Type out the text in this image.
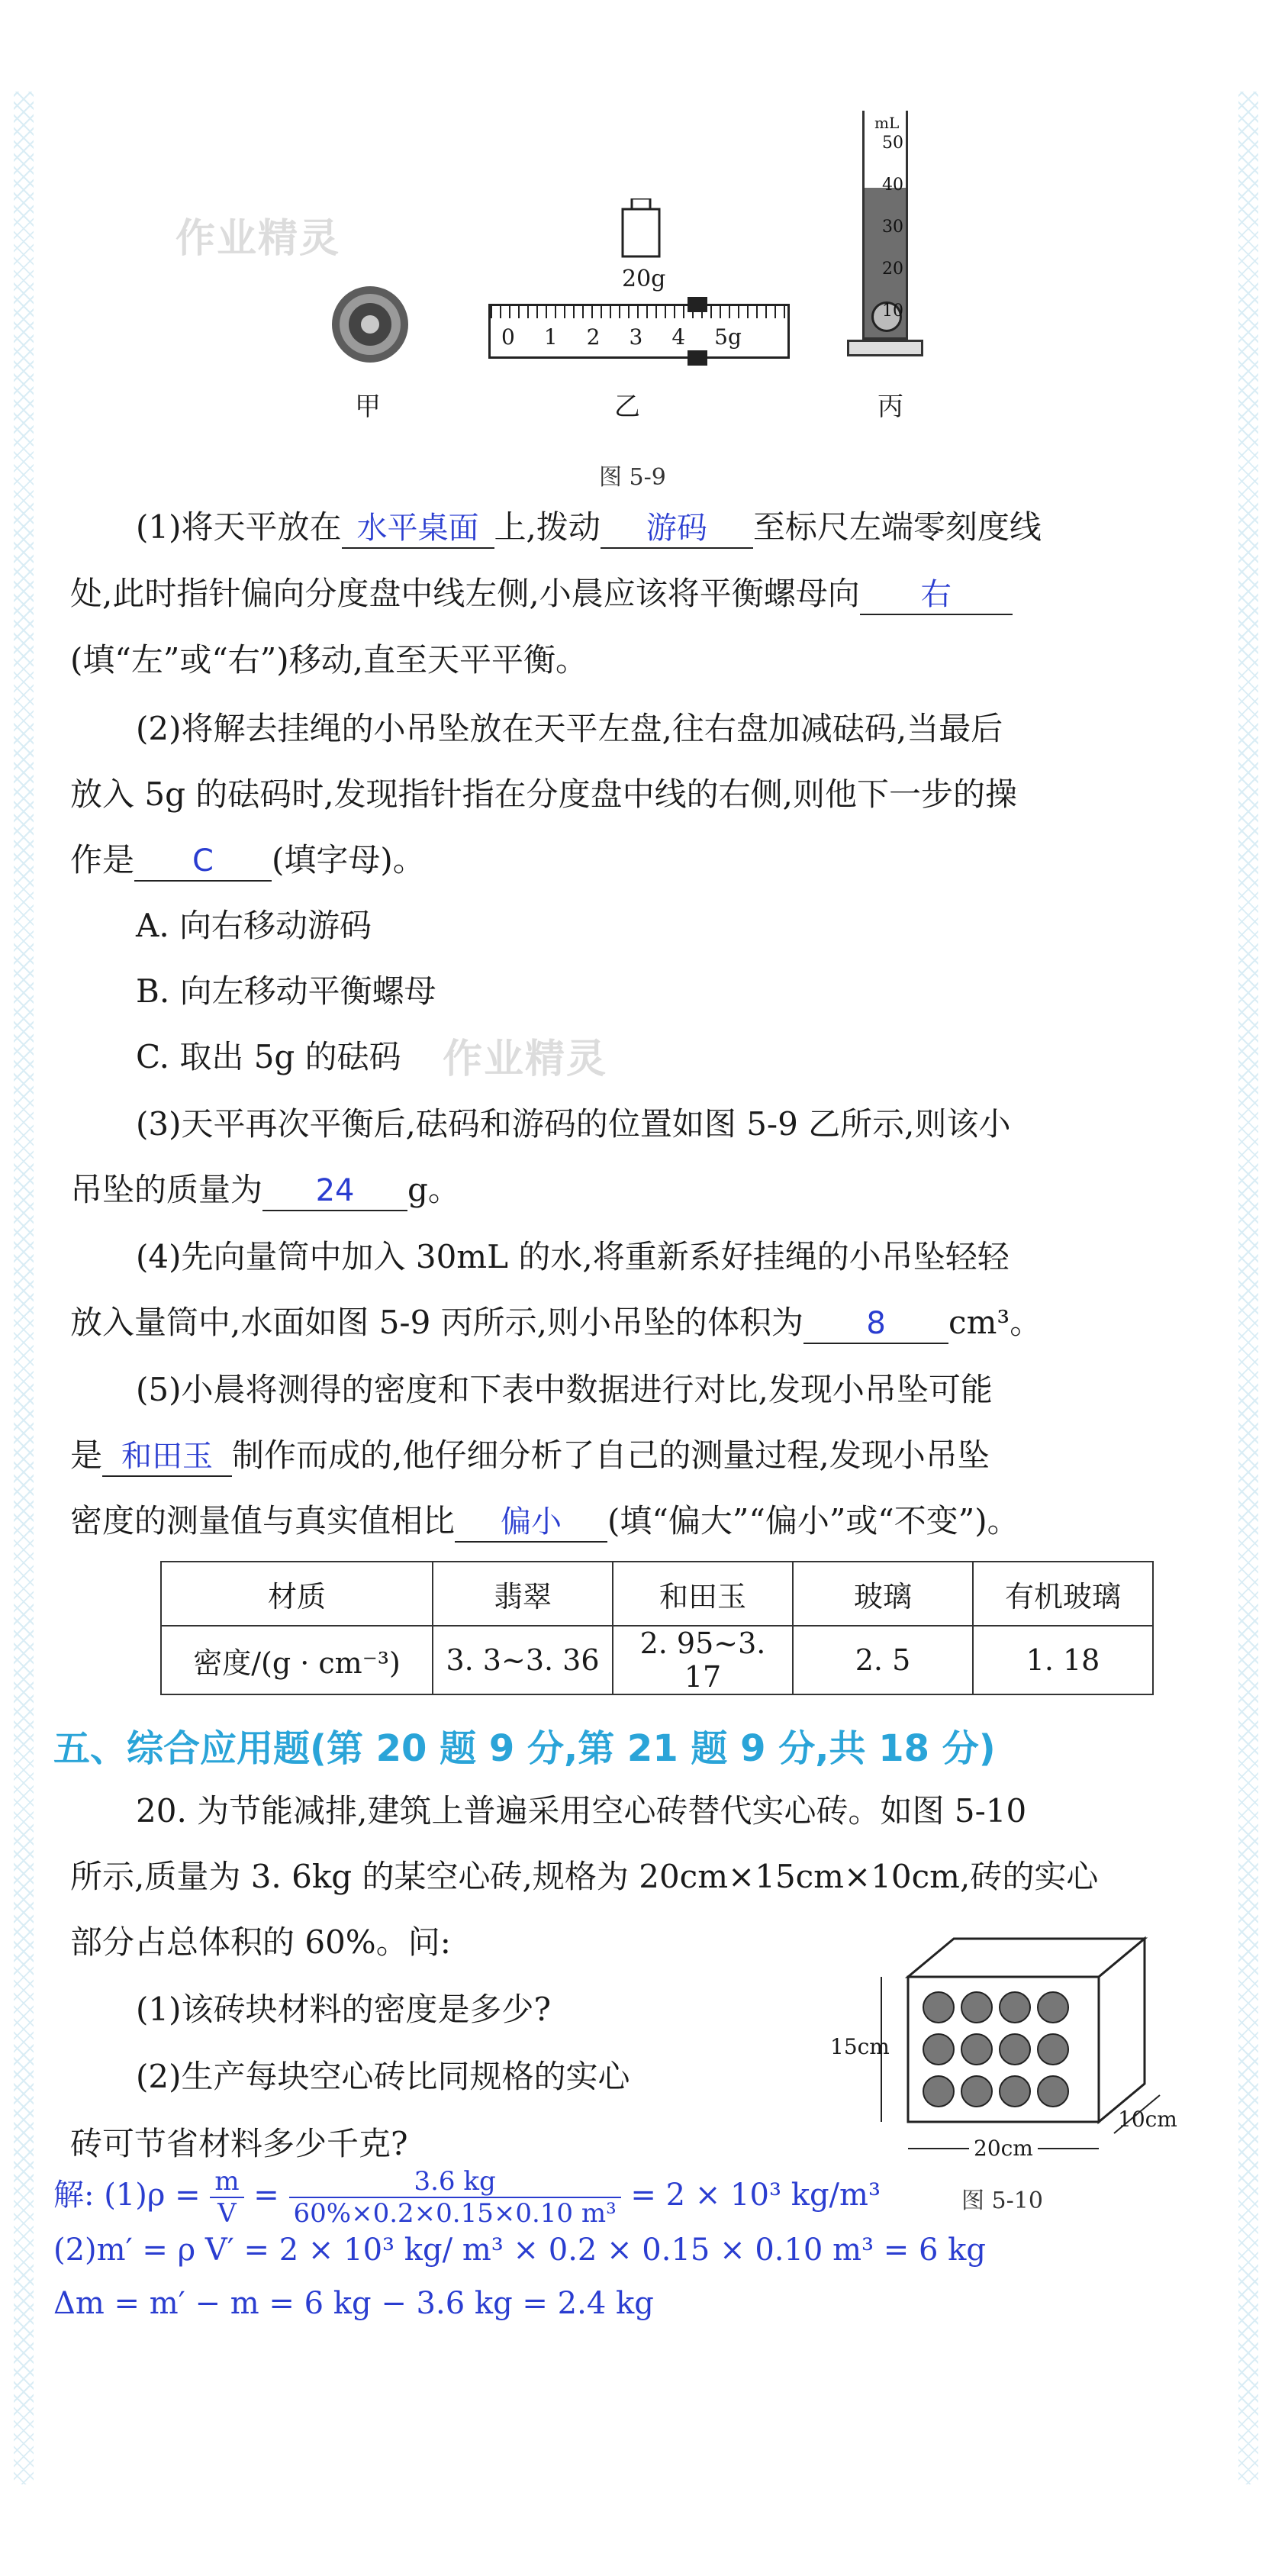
作业精灵
甲
20g
0 1 2 3 4 5g
乙
mL
50
40
30
20
10
丙
图 5-9
(1)将天平放在 水平桌面 上,拨动 游码 至标尺左端零刻度线
处,此时指针偏向分度盘中线左侧,小晨应该将平衡螺母向 右
(填“左”或“右”)移动,直至天平平衡。
(2)将解去挂绳的小吊坠放在天平左盘,往右盘加减砝码,当最后
放入 5g 的砝码时,发现指针指在分度盘中线的右侧,则他下一步的操
作是 C (填字母)。
A. 向右移动游码
B. 向左移动平衡螺母
C. 取出 5g 的砝码 作业精灵
(3)天平再次平衡后,砝码和游码的位置如图 5-9 乙所示,则该小
吊坠的质量为 24 g。
(4)先向量筒中加入 30mL 的水,将重新系好挂绳的小吊坠轻轻
放入量筒中,水面如图 5-9 丙所示,则小吊坠的体积为 8 cm³。
(5)小晨将测得的密度和下表中数据进行对比,发现小吊坠可能
是 和田玉 制作而成的,他仔细分析了自己的测量过程,发现小吊坠
密度的测量值与真实值相比 偏小 (填“偏大”“偏小”或“不变”)。
材质	翡翠	和田玉	玻璃	有机玻璃
密度/(g · cm⁻³)	3. 3~3. 36	2. 95~3. 17	2. 5	1. 18
五、综合应用题(第 20 题 9 分,第 21 题 9 分,共 18 分)
20. 为节能减排,建筑上普遍采用空心砖替代实心砖。如图 5-10
所示,质量为 3. 6kg 的某空心砖,规格为 20cm×15cm×10cm,砖的实心
部分占总体积的 60%。问:
(1)该砖块材料的密度是多少?
(2)生产每块空心砖比同规格的实心
砖可节省材料多少千克?
15cm
20cm
10cm
图 5-10
解: $(1)\rho = \frac{m}{V} = \frac{3.6 kg}{\text{60\%×0.2×0.15×0.10 m³}} = 2 \times 10^3$ kg/m³
(2)m′ = ρ V′ = 2 × 10³ kg/ m³ × 0.2 × 0.15 × 0.10 m³ = 6 kg
Δm = m′ − m = 6 kg − 3.6 kg = 2.4 kg
